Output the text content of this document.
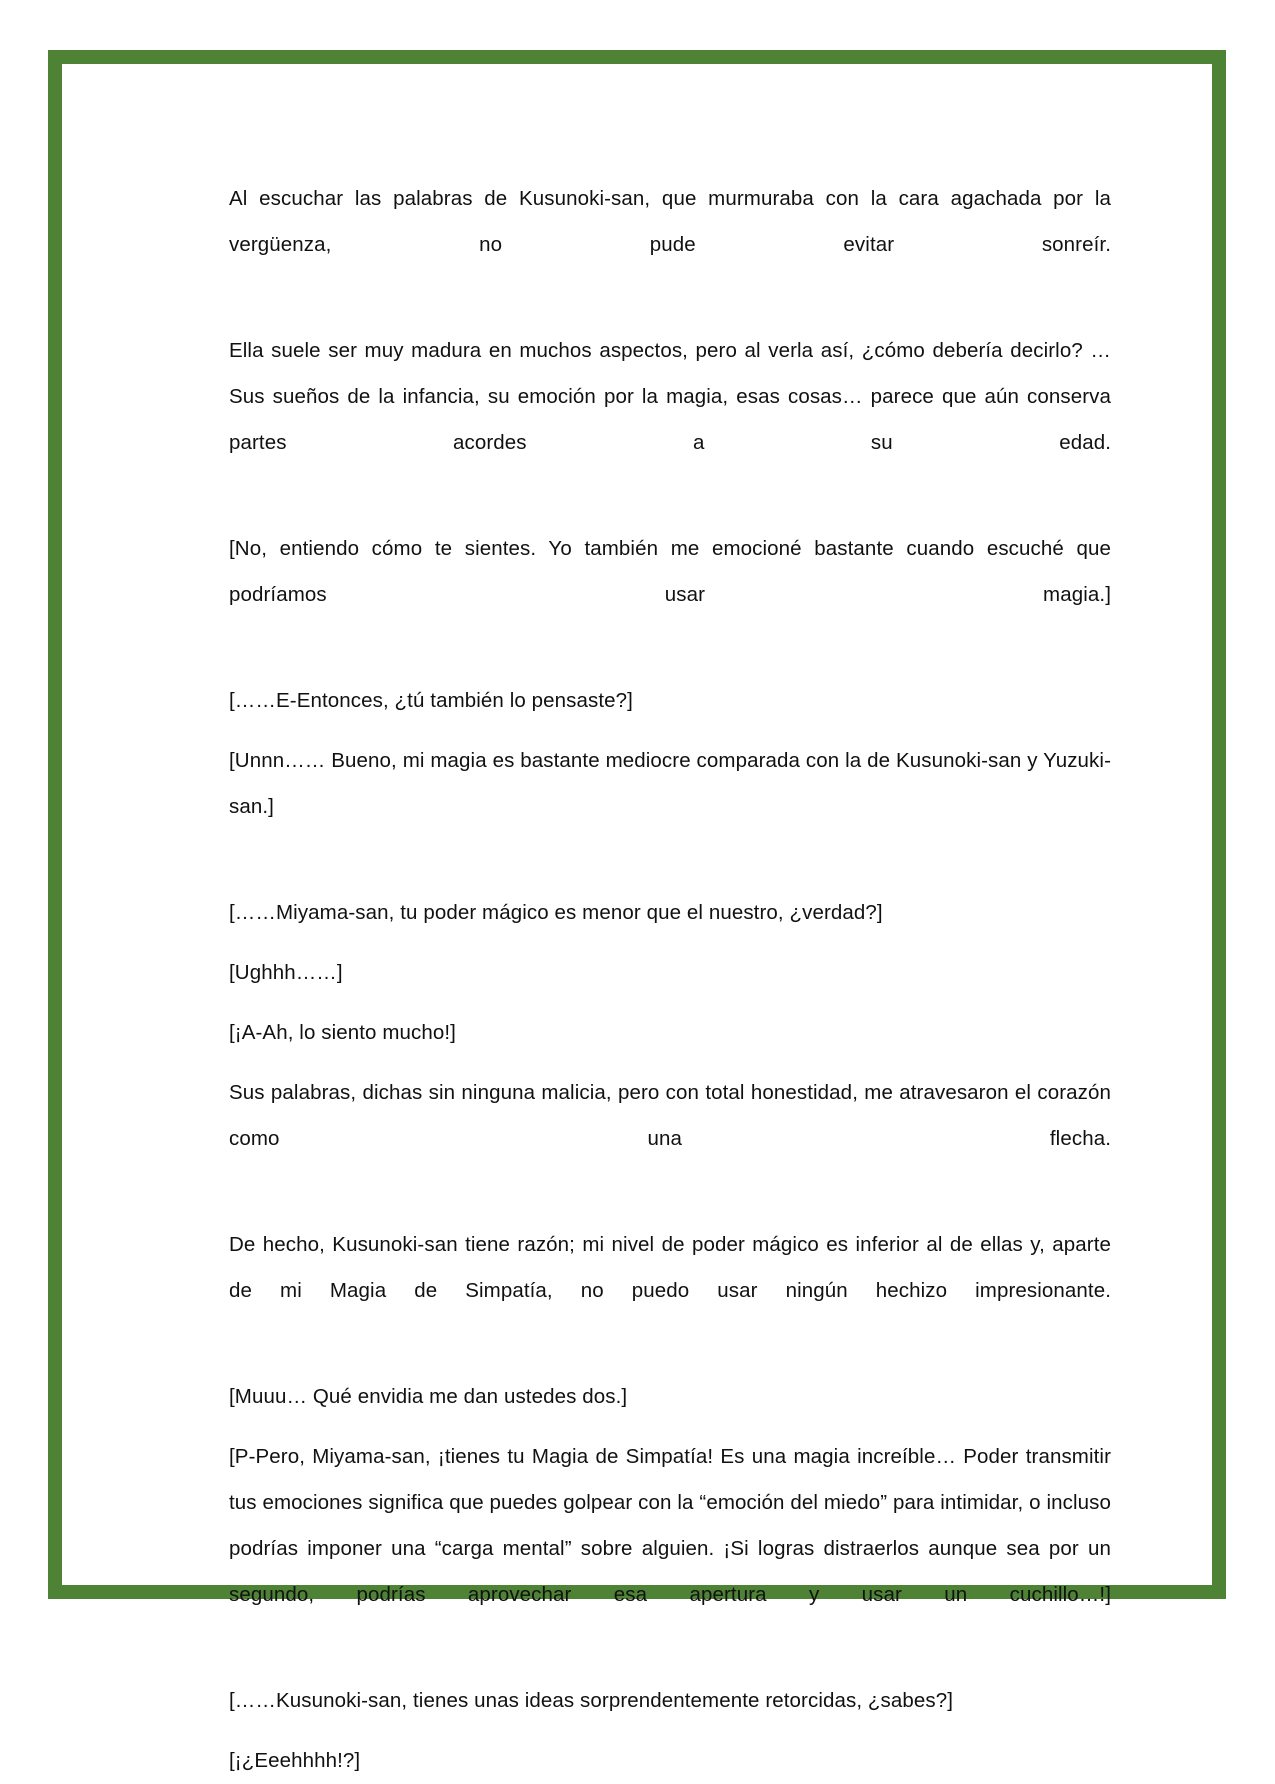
Al escuchar las palabras de Kusunoki-san, que murmuraba con la cara agachada por la vergüenza, no pude evitar sonreír.

Ella suele ser muy madura en muchos aspectos, pero al verla así, ¿cómo debería decirlo? …Sus sueños de la infancia, su emoción por la magia, esas cosas… parece que aún conserva partes acordes a su edad.

[No, entiendo cómo te sientes. Yo también me emocioné bastante cuando escuché que podríamos usar magia.]

[……E-Entonces, ¿tú también lo pensaste?]

[Unnn…… Bueno, mi magia es bastante mediocre comparada con la de Kusunoki-san y Yuzuki-san.]

[……Miyama-san, tu poder mágico es menor que el nuestro, ¿verdad?]

[Ughhh……]

[¡A-Ah, lo siento mucho!]

Sus palabras, dichas sin ninguna malicia, pero con total honestidad, me atravesaron el corazón como una flecha.

De hecho, Kusunoki-san tiene razón; mi nivel de poder mágico es inferior al de ellas y, aparte de mi Magia de Simpatía, no puedo usar ningún hechizo impresionante.

[Muuu… Qué envidia me dan ustedes dos.]

[P-Pero, Miyama-san, ¡tienes tu Magia de Simpatía! Es una magia increíble… Poder transmitir tus emociones significa que puedes golpear con la “emoción del miedo” para intimidar, o incluso podrías imponer una “carga mental” sobre alguien. ¡Si logras distraerlos aunque sea por un segundo, podrías aprovechar esa apertura y usar un cuchillo…!]

[……Kusunoki-san, tienes unas ideas sorprendentemente retorcidas, ¿sabes?]

[¡¿Eeehhhh!?]
